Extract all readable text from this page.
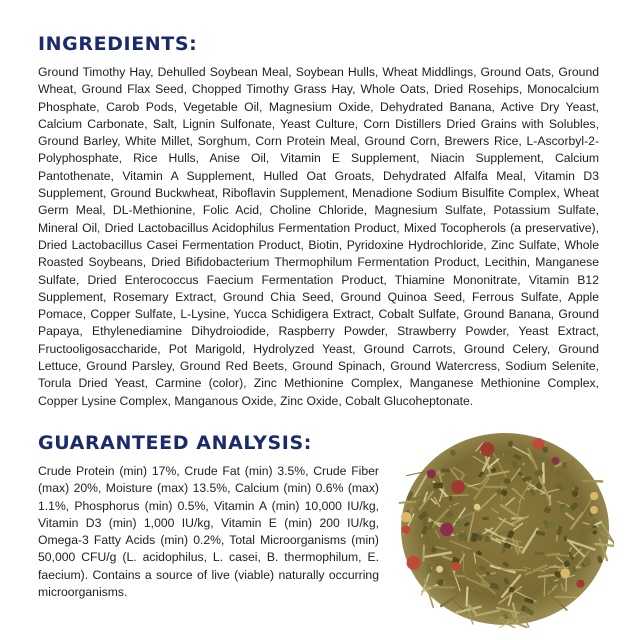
INGREDIENTS:

Ground Timothy Hay, Dehulled Soybean Meal, Soybean Hulls, Wheat Middlings, Ground Oats, Ground Wheat, Ground Flax Seed, Chopped Timothy Grass Hay, Whole Oats, Dried Rosehips, Monocalcium Phosphate, Carob Pods, Vegetable Oil, Magnesium Oxide, Dehydrated Banana, Active Dry Yeast, Calcium Carbonate, Salt, Lignin Sulfonate, Yeast Culture, Corn Distillers Dried Grains with Solubles, Ground Barley, White Millet, Sorghum, Corn Protein Meal, Ground Corn, Brewers Rice, L-Ascorbyl-2-Polyphosphate, Rice Hulls, Anise Oil, Vitamin E Supplement, Niacin Supplement, Calcium Pantothenate, Vitamin A Supplement, Hulled Oat Groats, Dehydrated Alfalfa Meal, Vitamin D3 Supplement, Ground Buckwheat, Riboflavin Supplement, Menadione Sodium Bisulfite Complex, Wheat Germ Meal, DL-Methionine, Folic Acid, Choline Chloride, Magnesium Sulfate, Potassium Sulfate, Mineral Oil, Dried Lactobacillus Acidophilus Fermentation Product, Mixed Tocopherols (a preservative), Dried Lactobacillus Casei Fermentation Product, Biotin, Pyridoxine Hydrochloride, Zinc Sulfate, Whole Roasted Soybeans, Dried Bifidobacterium Thermophilum Fermentation Product, Lecithin, Manganese Sulfate, Dried Enterococcus Faecium Fermentation Product, Thiamine Mononitrate, Vitamin B12 Supplement, Rosemary Extract, Ground Chia Seed, Ground Quinoa Seed, Ferrous Sulfate, Apple Pomace, Copper Sulfate, L-Lysine, Yucca Schidigera Extract, Cobalt Sulfate, Ground Banana, Ground Papaya, Ethylenediamine Dihydroiodide, Raspberry Powder, Strawberry Powder, Yeast Extract, Fructooligosaccharide, Pot Marigold, Hydrolyzed Yeast, Ground Carrots, Ground Celery, Ground Lettuce, Ground Parsley, Ground Red Beets, Ground Spinach, Ground Watercress, Sodium Selenite, Torula Dried Yeast, Carmine (color), Zinc Methionine Complex, Manganese Methionine Complex, Copper Lysine Complex, Manganous Oxide, Zinc Oxide, Cobalt Glucoheptonate.

GUARANTEED ANALYSIS:

Crude Protein (min) 17%, Crude Fat (min) 3.5%, Crude Fiber (max) 20%, Moisture (max) 13.5%, Calcium (min) 0.6% (max) 1.1%, Phosphorus (min) 0.5%, Vitamin A (min) 10,000 IU/kg, Vitamin D3 (min) 1,000 IU/kg, Vitamin E (min) 200 IU/kg, Omega-3 Fatty Acids (min) 0.2%, Total Microorganisms (min) 50,000 CFU/g (L. acidophilus, L. casei, B. thermophilum, E. faecium). Contains a source of live (viable) naturally occurring microorganisms.
